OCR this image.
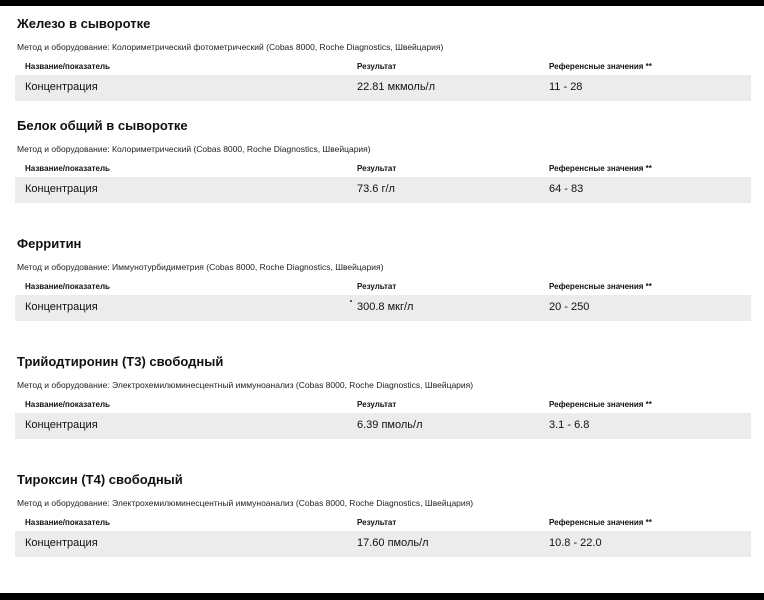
Железо в сыворотке
Метод и оборудование: Колориметрический фотометрический (Cobas 8000, Roche Diagnostics, Швейцария)
Название/показатель	Результат	Референсные значения **
Концентрация	22.81 мкмоль/л	11 - 28
Белок общий в сыворотке
Метод и оборудование: Колориметрический (Cobas 8000, Roche Diagnostics, Швейцария)
Название/показатель	Результат	Референсные значения **
Концентрация	73.6 г/л	64 - 83
Ферритин
Метод и оборудование: Иммунотурбидиметрия (Cobas 8000, Roche Diagnostics, Швейцария)
Название/показатель	Результат	Референсные значения **
Концентрация	300.8 мкг/л	20 - 250
Трийодтиронин (Т3) свободный
Метод и оборудование: Электрохемилюминесцентный иммуноанализ (Cobas 8000, Roche Diagnostics, Швейцария)
Название/показатель	Результат	Референсные значения **
Концентрация	6.39 пмоль/л	3.1 - 6.8
Тироксин (Т4) свободный
Метод и оборудование: Электрохемилюминесцентный иммуноанализ (Cobas 8000, Roche Diagnostics, Швейцария)
Название/показатель	Результат	Референсные значения **
Концентрация	17.60 пмоль/л	10.8 - 22.0
